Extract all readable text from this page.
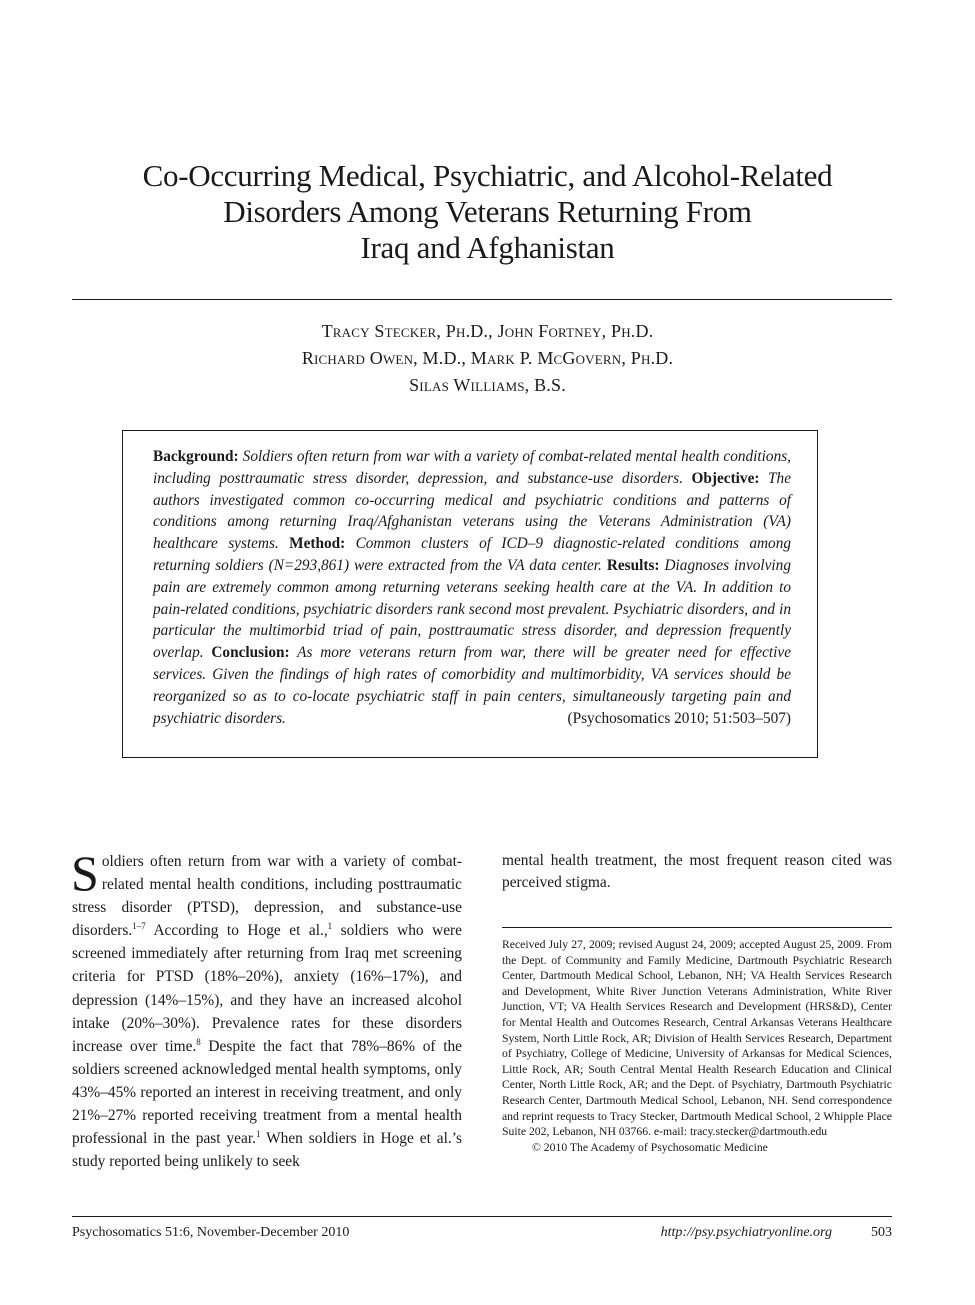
Co-Occurring Medical, Psychiatric, and Alcohol-Related
Disorders Among Veterans Returning From
Iraq and Afghanistan
Tracy Stecker, Ph.D., John Fortney, Ph.D.
Richard Owen, M.D., Mark P. McGovern, Ph.D.
Silas Williams, B.S.
Background: Soldiers often return from war with a variety of combat-related mental health conditions, including posttraumatic stress disorder, depression, and substance-use disorders. Objective: The authors investigated common co-occurring medical and psychiatric conditions and patterns of conditions among returning Iraq/Afghanistan veterans using the Veterans Administration (VA) healthcare systems. Method: Common clusters of ICD–9 diagnostic-related conditions among returning soldiers (N=293,861) were extracted from the VA data center. Results: Diagnoses involving pain are extremely common among returning veterans seeking health care at the VA. In addition to pain-related conditions, psychiatric disorders rank second most prevalent. Psychiatric disorders, and in particular the multimorbid triad of pain, posttraumatic stress disorder, and depression frequently overlap. Conclusion: As more veterans return from war, there will be greater need for effective services. Given the findings of high rates of comorbidity and multimorbidity, VA services should be reorganized so as to co-locate psychiatric staff in pain centers, simultaneously targeting pain and psychiatric disorders.	(Psychosomatics 2010; 51:503–507)
Soldiers often return from war with a variety of combat-related mental health conditions, including posttraumatic stress disorder (PTSD), depression, and substance-use disorders.$^{1-7}$ According to Hoge et al.,$^1$ soldiers who were screened immediately after returning from Iraq met screening criteria for PTSD (18%–20%), anxiety (16%–17%), and depression (14%–15%), and they have an increased alcohol intake (20%–30%). Prevalence rates for these disorders increase over time.$^8$ Despite the fact that 78%–86% of the soldiers screened acknowledged mental health symptoms, only 43%–45% reported an interest in receiving treatment, and only 21%–27% reported receiving treatment from a mental health professional in the past year.$^1$ When soldiers in Hoge et al.’s study reported being unlikely to seek
mental health treatment, the most frequent reason cited was perceived stigma.
Received July 27, 2009; revised August 24, 2009; accepted August 25, 2009. From the Dept. of Community and Family Medicine, Dartmouth Psychiatric Research Center, Dartmouth Medical School, Lebanon, NH; VA Health Services Research and Development, White River Junction Veterans Administration, White River Junction, VT; VA Health Services Research and Development (HRS&D), Center for Mental Health and Outcomes Research, Central Arkansas Veterans Healthcare System, North Little Rock, AR; Division of Health Services Research, Department of Psychiatry, College of Medicine, University of Arkansas for Medical Sciences, Little Rock, AR; South Central Mental Health Research Education and Clinical Center, North Little Rock, AR; and the Dept. of Psychiatry, Dartmouth Psychiatric Research Center, Dartmouth Medical School, Lebanon, NH. Send correspondence and reprint requests to Tracy Stecker, Dartmouth Medical School, 2 Whipple Place Suite 202, Lebanon, NH 03766. e-mail: tracy.stecker@dartmouth.edu
© 2010 The Academy of Psychosomatic Medicine
Psychosomatics 51:6, November-December 2010	http://psy.psychiatryonline.org	503
